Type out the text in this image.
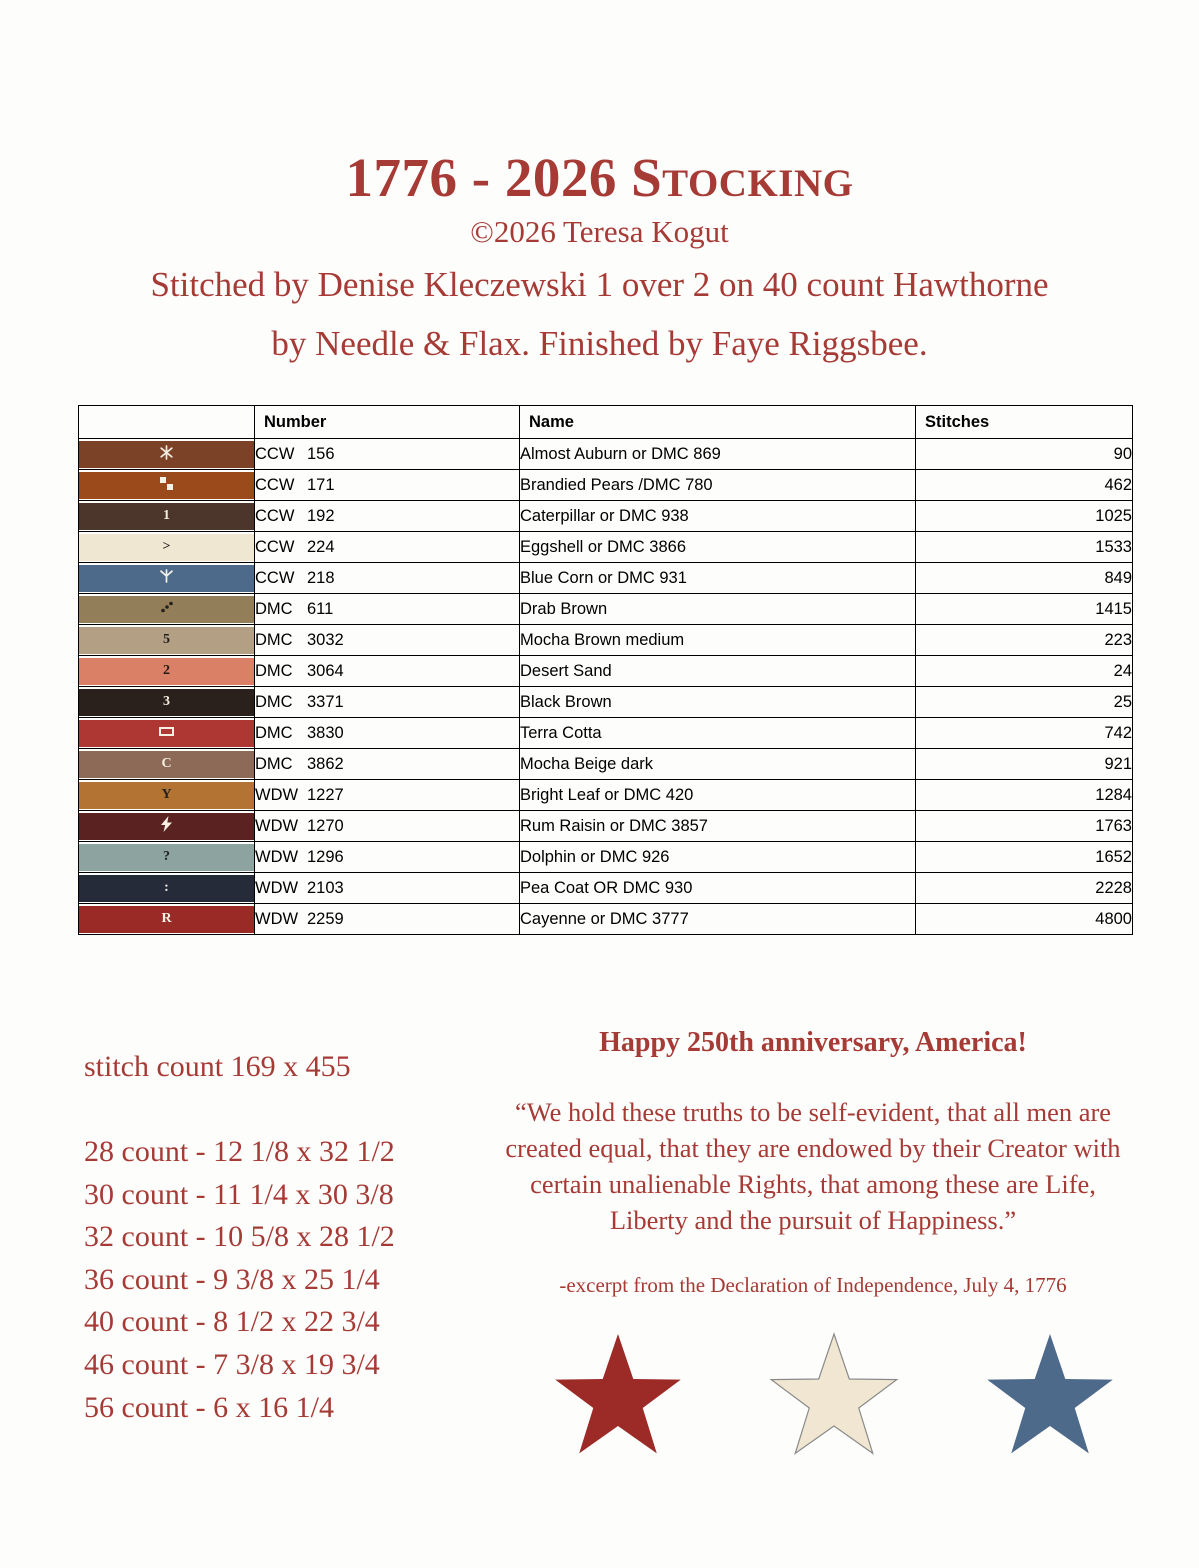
1776 - 2026 Stocking
©2026 Teresa Kogut
Stitched by Denise Kleczewski 1 over 2 on 40 count Hawthorne
by Needle & Flax. Finished by Faye Riggsbee.
	Number	Name	Stitches

	CCW 156	Almost Auburn or DMC 869	90

	CCW 171	Brandied Pears /DMC 780	462

1	CCW 192	Caterpillar or DMC 938	1025

>	CCW 224	Eggshell or DMC 3866	1533

	CCW 218	Blue Corn or DMC 931	849

	DMC 611	Drab Brown	1415

5	DMC 3032	Mocha Brown medium	223

2	DMC 3064	Desert Sand	24

3	DMC 3371	Black Brown	25

	DMC 3830	Terra Cotta	742

C	DMC 3862	Mocha Beige dark	921

Y	WDW 1227	Bright Leaf or DMC 420	1284

	WDW 1270	Rum Raisin or DMC 3857	1763

?	WDW 1296	Dolphin or DMC 926	1652

:	WDW 2103	Pea Coat OR DMC 930	2228

R	WDW 2259	Cayenne or DMC 3777	4800
stitch count 169 x 455
28 count - 12 1/8 x 32 1/2
30 count - 11 1/4 x 30 3/8
32 count - 10 5/8 x 28 1/2
36 count - 9 3/8 x 25 1/4
40 count - 8 1/2 x 22 3/4
46 count - 7 3/8 x 19 3/4
56 count - 6 x 16 1/4
Happy 250th anniversary, America!
“We hold these truths to be self-evident, that all men are created equal, that they are endowed by their Creator with certain unalienable Rights, that among these are Life, Liberty and the pursuit of Happiness.”
-excerpt from the Declaration of Independence, July 4, 1776
